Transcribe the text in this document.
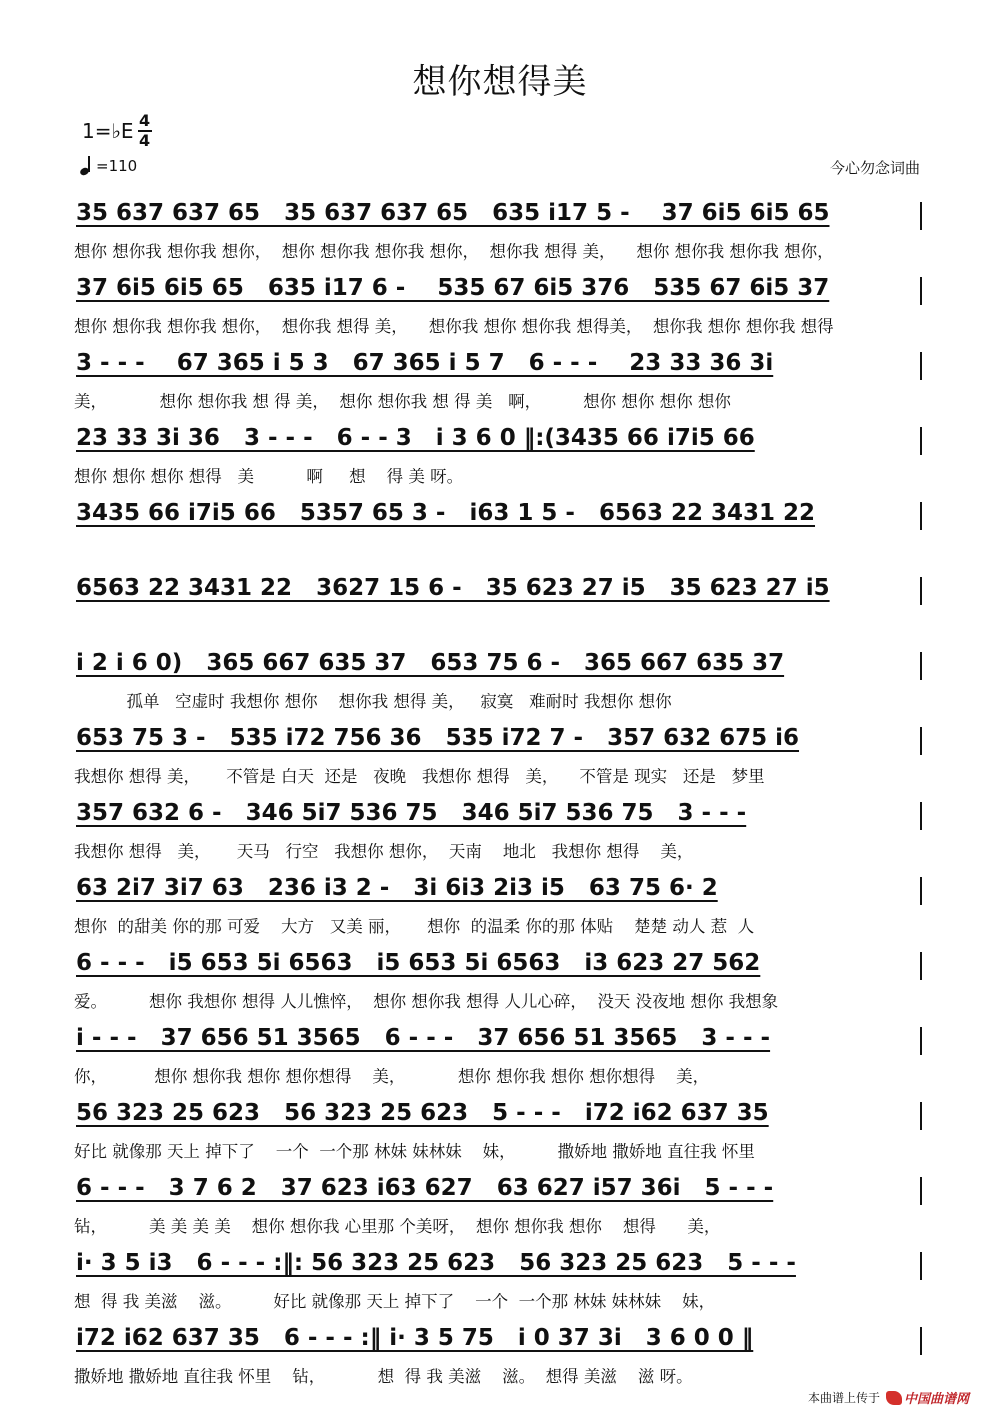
想你想得美
1=♭E $\frac{4}{4}$
=110	今心勿念词曲
35 637 637 65   35 637 637 65   635 i17 5 -    37 6i5 6i5 65
想你 想你我 想你我 想你，  想你 想你我 想你我 想你，  想你我 想得 美，    想你 想你我 想你我 想你，
37 6i5 6i5 65   635 i17 6 -    535 67 6i5 376   535 67 6i5 37
想你 想你我 想你我 想你，  想你我 想得 美，    想你我 想你 想你我 想得美，  想你我 想你 想你我 想得
3 - - -    67 365 i 5 3   67 365 i 5 7   6 - - -    23 33 36 3i
美，          想你 想你我 想 得 美，  想你 想你我 想 得 美   啊，        想你 想你 想你 想你
23 33 3i 36   3 - - -   6 - - 3   i 3 6 0 ‖:(3435 66 i7i5 66
想你 想你 想你 想得   美          啊     想    得 美 呀。
3435 66 i7i5 66   5357 65 3 -   i63 1 5 -   6563 22 3431 22
6563 22 3431 22   3627 15 6 -   35 623 27 i5   35 623 27 i5
i 2 i 6 0)   365 667 635 37   653 75 6 -   365 667 635 37
孤单   空虚时 我想你 想你    想你我 想得 美，   寂寞   难耐时 我想你 想你
653 75 3 -   535 i72 756 36   535 i72 7 -   357 632 675 i6
我想你 想得 美，     不管是 白天  还是   夜晚   我想你 想得   美，    不管是 现实   还是   梦里
357 632 6 -   346 5i7 536 75   346 5i7 536 75   3 - - -
我想你 想得   美，     天马   行空   我想你 想你，  天南    地北   我想你 想得    美，
63 2i7 3i7 63   236 i3 2 -   3i 6i3 2i3 i5   63 75 6· 2
想你  的甜美 你的那 可爱    大方   又美 丽，     想你  的温柔 你的那 体贴    楚楚 动人 惹  人
6 - - -   i5 653 5i 6563   i5 653 5i 6563   i3 623 27 562
爱。        想你 我想你 想得 人儿憔悴，  想你 想你我 想得 人儿心碎，  没天 没夜地 想你 我想象
i - - -   37 656 51 3565   6 - - -   37 656 51 3565   3 - - -
你，         想你 想你我 想你 想你想得    美，          想你 想你我 想你 想你想得    美，
56 323 25 623   56 323 25 623   5 - - -   i72 i62 637 35
好比 就像那 天上 掉下了    一个  一个那 林妹 妹林妹    妹，        撒娇地 撒娇地 直往我 怀里
6 - - -   3 7 6 2   37 623 i63 627   63 627 i57 36i   5 - - -
钻，        美 美 美 美    想你 想你我 心里那 个美呀，  想你 想你我 想你    想得      美，
i· 3 5 i3   6 - - - :‖: 56 323 25 623   56 323 25 623   5 - - -
想  得 我 美滋    滋。        好比 就像那 天上 掉下了    一个  一个那 林妹 妹林妹    妹，
i72 i62 637 35   6 - - - :‖ i· 3 5 75   i 0 37 3i   3 6 0 0 ‖
撒娇地 撒娇地 直往我 怀里    钻，          想  得 我 美滋    滋。  想得 美滋    滋 呀。
本曲谱上传于 中国曲谱网
